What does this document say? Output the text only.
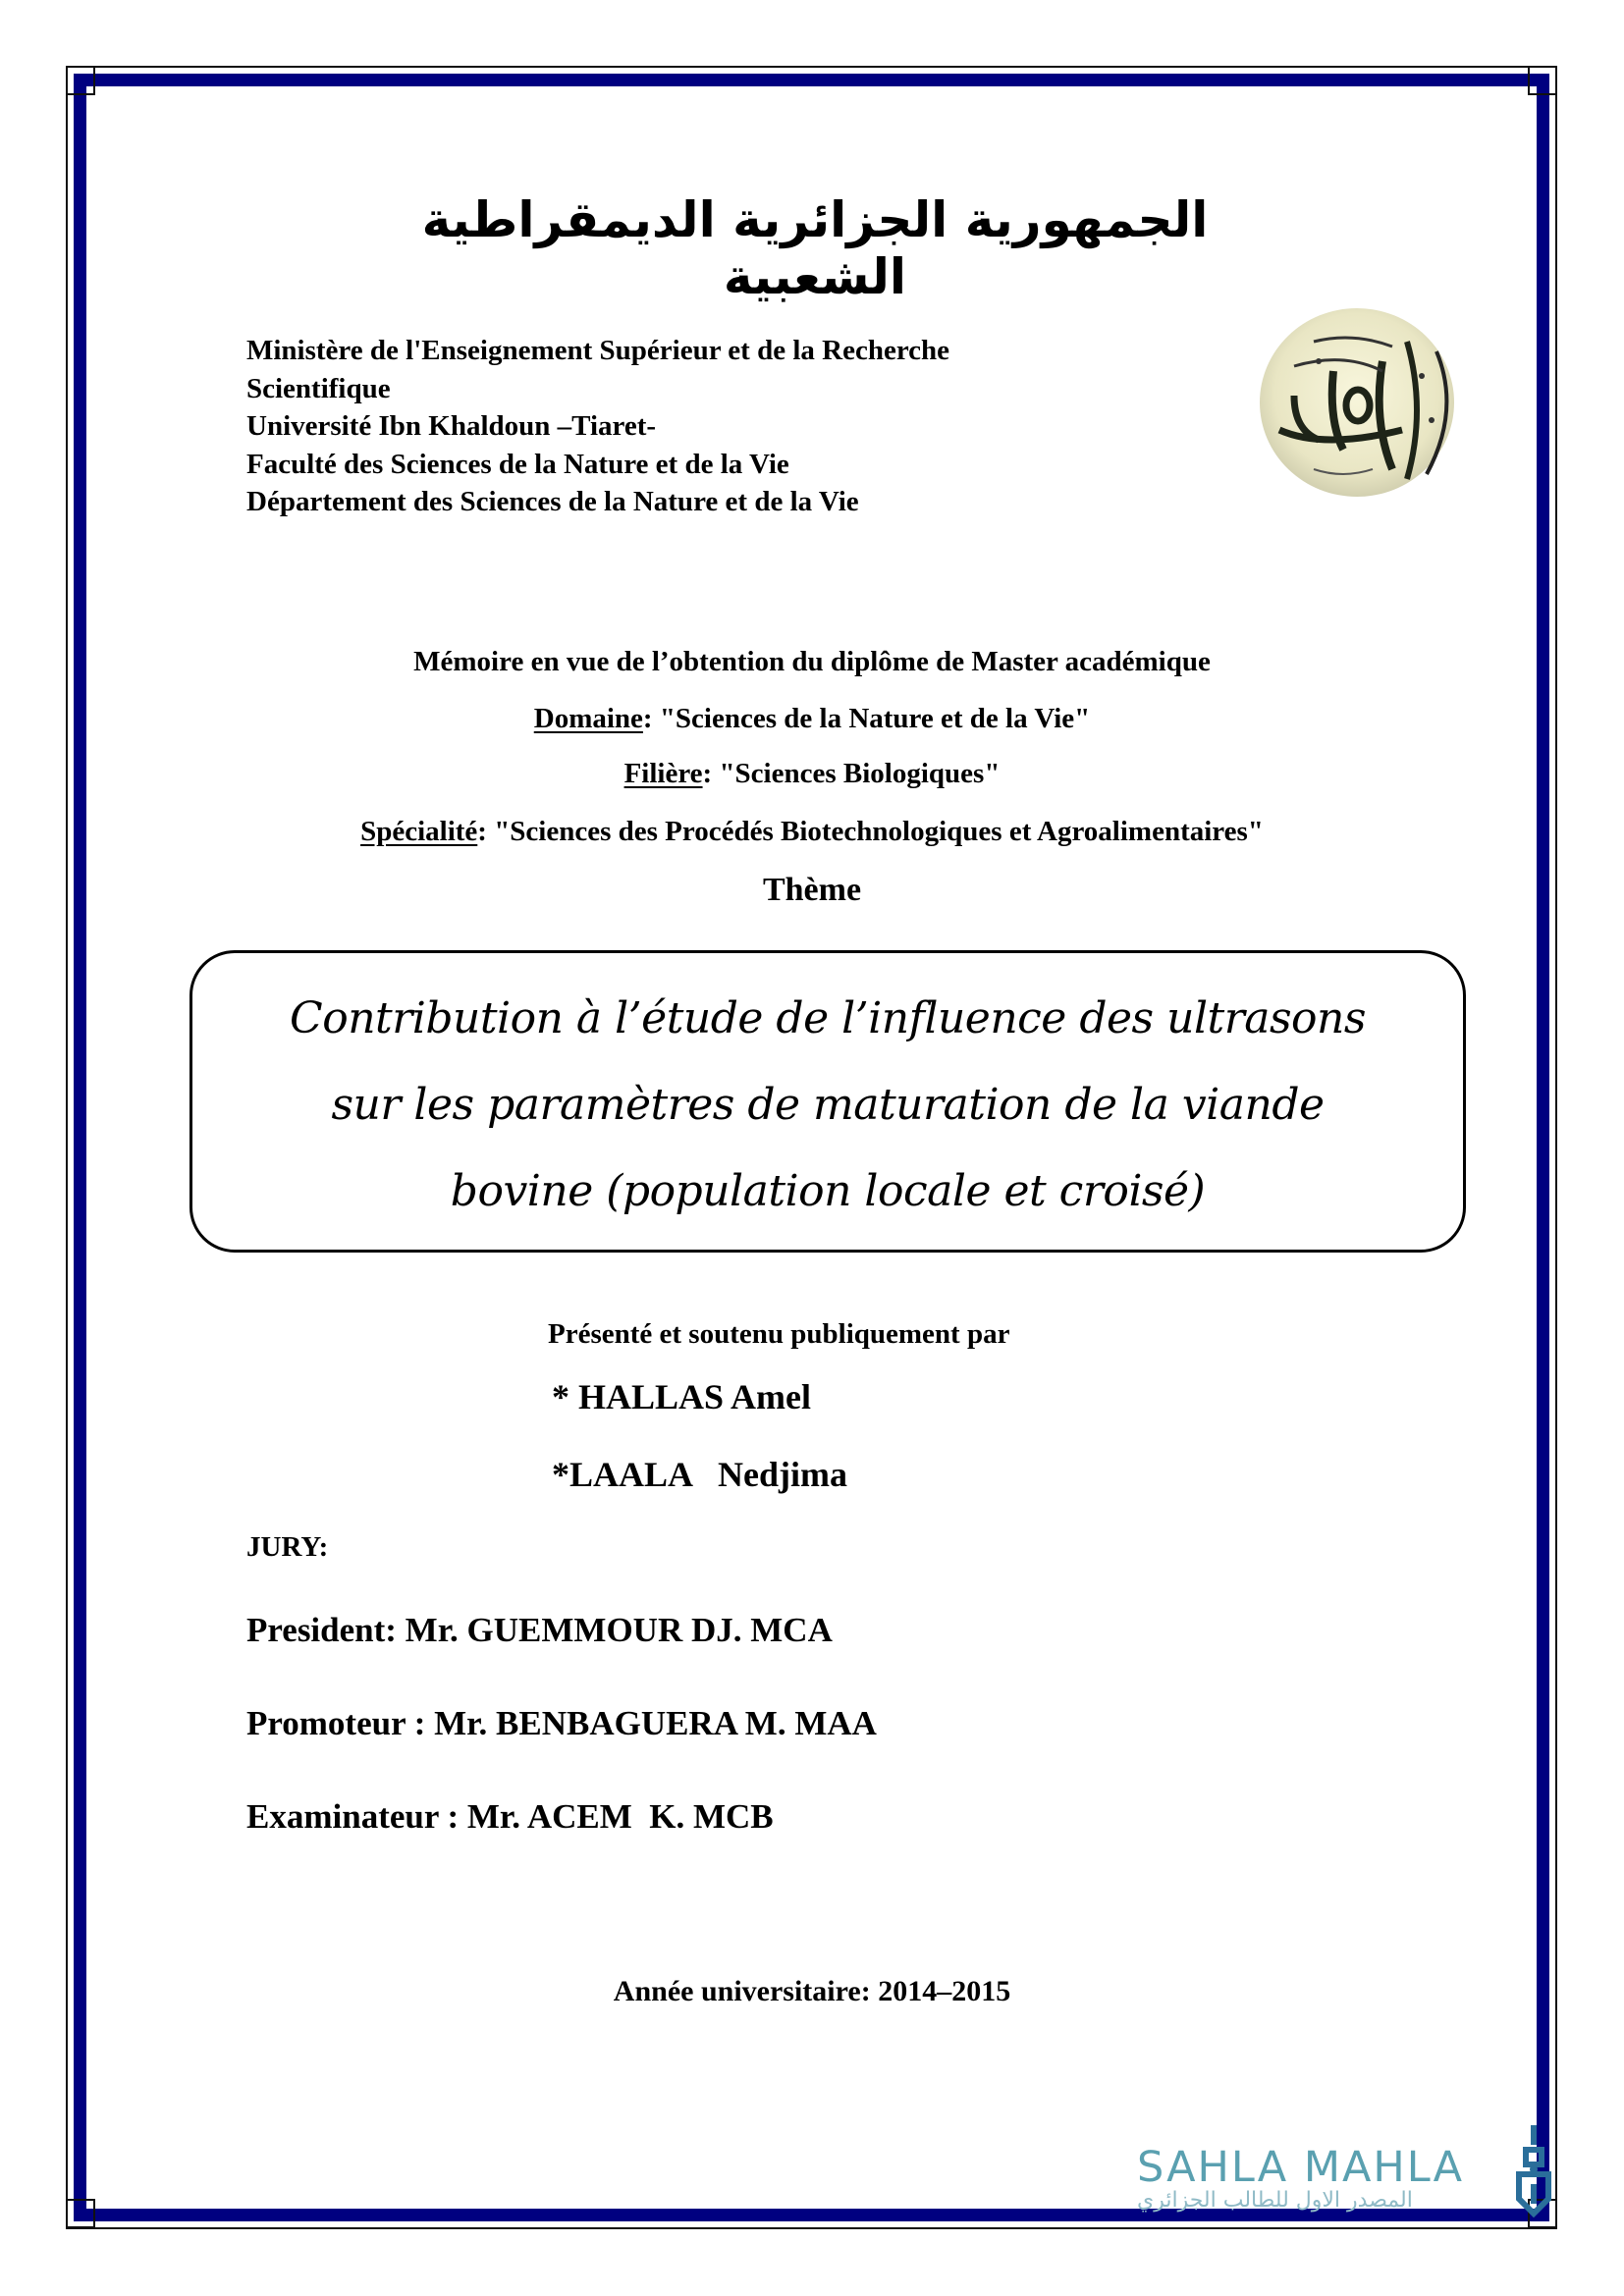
الجمهورية الجزائرية الديمقراطية الشعبية
Ministère de l'Enseignement Supérieur et de la Recherche
Scientifique
Université Ibn Khaldoun –Tiaret-
Faculté des Sciences de la Nature et de la Vie
Département des Sciences de la Nature et de la Vie
Mémoire en vue de l’obtention du diplôme de Master académique
Domaine: "Sciences de la Nature et de la Vie"
Filière: "Sciences Biologiques"
Spécialité: "Sciences des Procédés Biotechnologiques et Agroalimentaires"
Thème
Contribution à l’étude de l’influence des ultrasons
sur les paramètres de maturation de la viande
bovine (population locale et croisé)
Présenté et soutenu publiquement par
* HALLAS Amel
*LAALA   Nedjima
JURY:
President: Mr. GUEMMOUR DJ. MCA
Promoteur : Mr. BENBAGUERA M. MAA
Examinateur : Mr. ACEM  K. MCB
Année universitaire: 2014–2015
SAHLA MAHLA
المصدر الاول للطالب الجزائري
